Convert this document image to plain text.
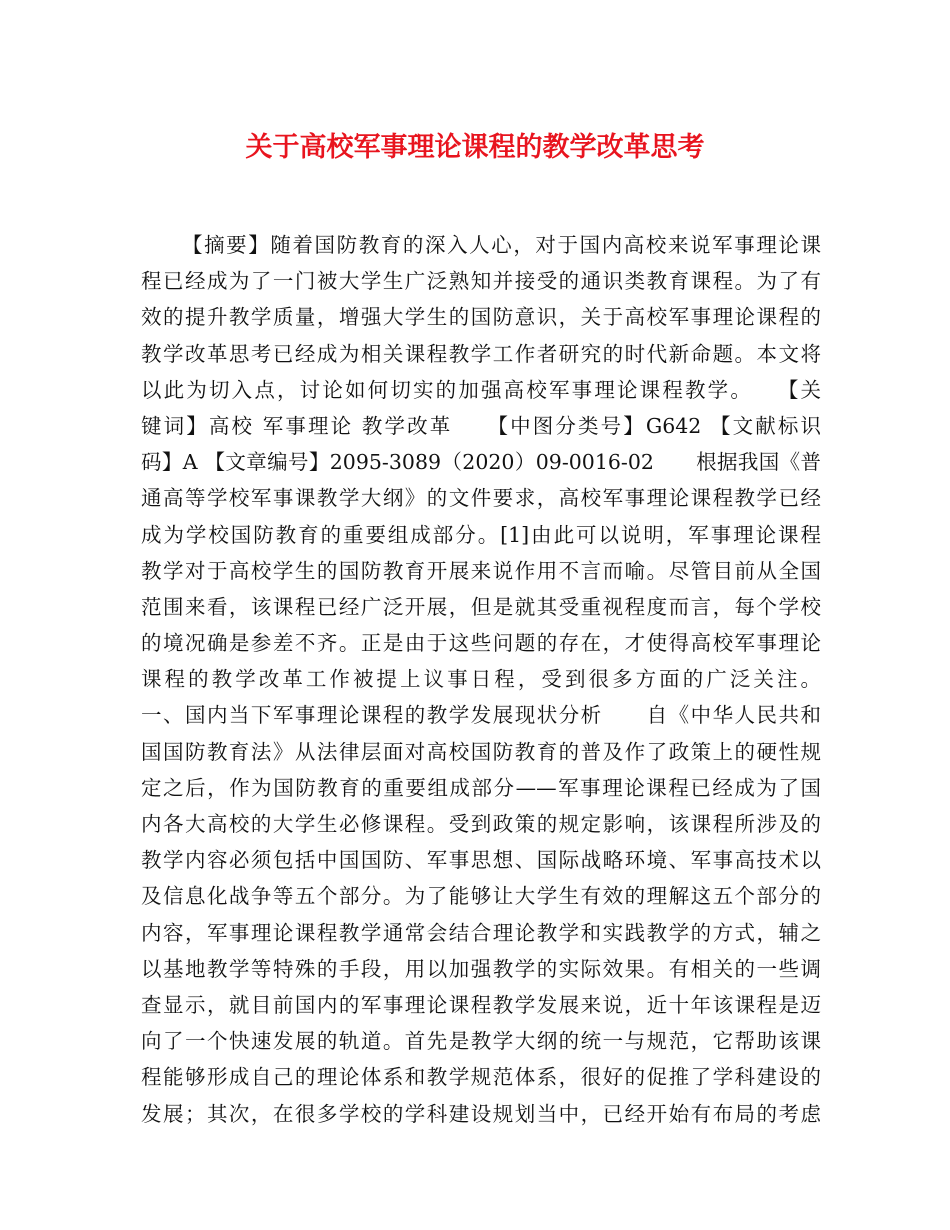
关于高校军事理论课程的教学改革思考
【摘要】随着国防教育的深入人心，对于国内高校来说军事理论课
程已经成为了一门被大学生广泛熟知并接受的通识类教育课程。为了有
效的提升教学质量，增强大学生的国防意识，关于高校军事理论课程的
教学改革思考已经成为相关课程教学工作者研究的时代新命题。本文将
以此为切入点，讨论如何切实的加强高校军事理论课程教学。　　【关
键词】高校 军事理论 教学改革　　【中图分类号】G642 【文献标识
码】A 【文章编号】2095-3089（2020）09-0016-02　　根据我国《普
通高等学校军事课教学大纲》的文件要求，高校军事理论课程教学已经
成为学校国防教育的重要组成部分。[1]由此可以说明，军事理论课程
教学对于高校学生的国防教育开展来说作用不言而喻。尽管目前从全国
范围来看，该课程已经广泛开展，但是就其受重视程度而言，每个学校
的境况确是参差不齐。正是由于这些问题的存在，才使得高校军事理论
课程的教学改革工作被提上议事日程，受到很多方面的广泛关注。
一、国内当下军事理论课程的教学发展现状分析　　自《中华人民共和
国国防教育法》从法律层面对高校国防教育的普及作了政策上的硬性规
定之后，作为国防教育的重要组成部分——军事理论课程已经成为了国
内各大高校的大学生必修课程。受到政策的规定影响，该课程所涉及的
教学内容必须包括中国国防、军事思想、国际战略环境、军事高技术以
及信息化战争等五个部分。为了能够让大学生有效的理解这五个部分的
内容，军事理论课程教学通常会结合理论教学和实践教学的方式，辅之
以基地教学等特殊的手段，用以加强教学的实际效果。有相关的一些调
查显示，就目前国内的军事理论课程教学发展来说，近十年该课程是迈
向了一个快速发展的轨道。首先是教学大纲的统一与规范，它帮助该课
程能够形成自己的理论体系和教学规范体系，很好的促推了学科建设的
发展；其次，在很多学校的学科建设规划当中，已经开始有布局的考虑
